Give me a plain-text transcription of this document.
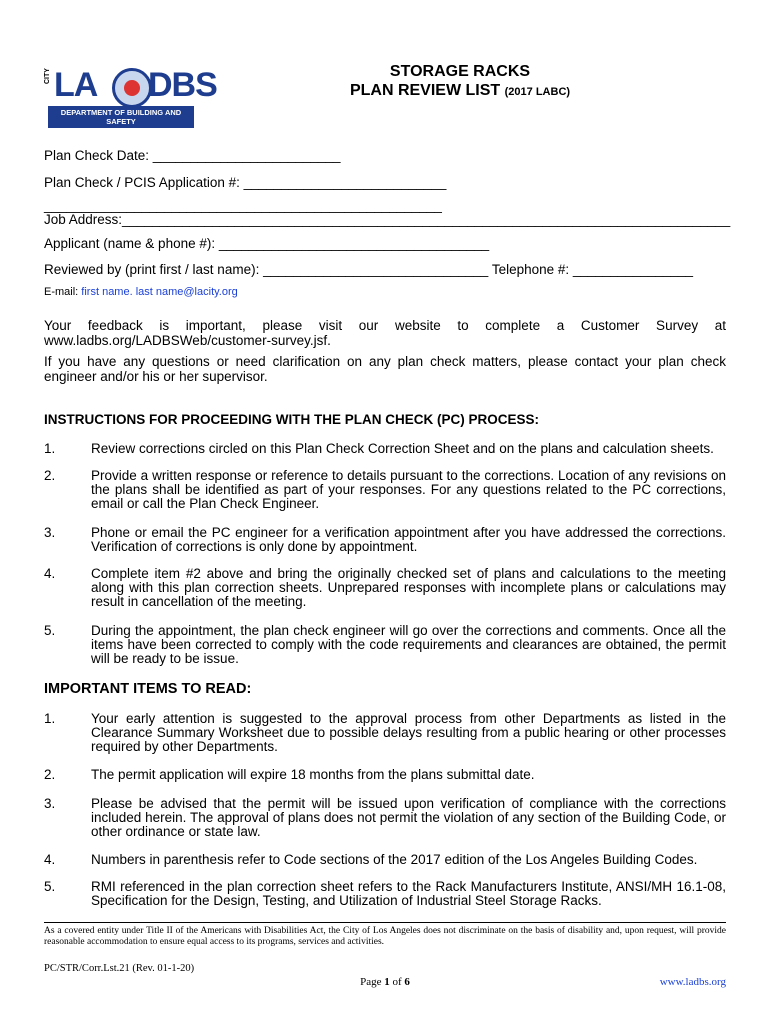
CITY LA DBS
DEPARTMENT OF BUILDING AND SAFETY
STORAGE RACKS
PLAN REVIEW LIST (2017 LABC)
Plan Check Date: _________________________
Plan Check / PCIS Application #: ___________________________
_____________________________________________________
Job Address:_________________________________________________________________________________
Applicant (name & phone #): ____________________________________
Reviewed by (print first / last name): ______________________________ Telephone #: ________________
E-mail: first name. last name@lacity.org
Your feedback is important, please visit our website to complete a Customer Survey at www.ladbs.org/LADBSWeb/customer-survey.jsf.
If you have any questions or need clarification on any plan check matters, please contact your plan check engineer and/or his or her supervisor.
INSTRUCTIONS FOR PROCEEDING WITH THE PLAN CHECK (PC) PROCESS:
1.	Review corrections circled on this Plan Check Correction Sheet and on the plans and calculation sheets.
2.	Provide a written response or reference to details pursuant to the corrections. Location of any revisions on the plans shall be identified as part of your responses. For any questions related to the PC corrections, email or call the Plan Check Engineer.
3.	Phone or email the PC engineer for a verification appointment after you have addressed the corrections. Verification of corrections is only done by appointment.
4.	Complete item #2 above and bring the originally checked set of plans and calculations to the meeting along with this plan correction sheets. Unprepared responses with incomplete plans or calculations may result in cancellation of the meeting.
5.	During the appointment, the plan check engineer will go over the corrections and comments. Once all the items have been corrected to comply with the code requirements and clearances are obtained, the permit will be ready to be issue.
IMPORTANT ITEMS TO READ:
1.	Your early attention is suggested to the approval process from other Departments as listed in the Clearance Summary Worksheet due to possible delays resulting from a public hearing or other processes required by other Departments.
2.	The permit application will expire 18 months from the plans submittal date.
3.	Please be advised that the permit will be issued upon verification of compliance with the corrections included herein. The approval of plans does not permit the violation of any section of the Building Code, or other ordinance or state law.
4.	Numbers in parenthesis refer to Code sections of the 2017 edition of the Los Angeles Building Codes.
5.	RMI referenced in the plan correction sheet refers to the Rack Manufacturers Institute, ANSI/MH 16.1-08, Specification for the Design, Testing, and Utilization of Industrial Steel Storage Racks.
As a covered entity under Title II of the Americans with Disabilities Act, the City of Los Angeles does not discriminate on the basis of disability and, upon request, will provide reasonable accommodation to ensure equal access to its programs, services and activities.
PC/STR/Corr.Lst.21 (Rev. 01-1-20)
Page 1 of 6	www.ladbs.org
